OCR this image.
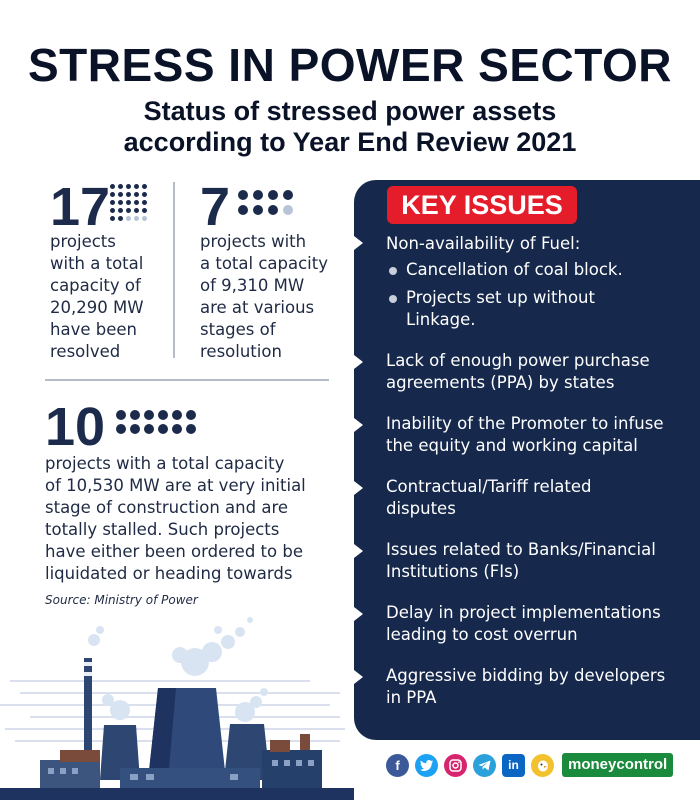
STRESS IN POWER SECTOR
Status of stressed power assets
according to Year End Review 2021
17
projects
with a total
capacity of
20,290 MW
have been
resolved
7
projects with
a total capacity
of 9,310 MW
are at various
stages of
resolution
10
projects with a total capacity
of 10,530 MW are at very initial
stage of construction and are
totally stalled. Such projects
have either been ordered to be
liquidated or heading towards
Source: Ministry of Power
KEY ISSUES
Non-availability of Fuel:
Cancellation of coal block.
Projects set up without
Linkage.
Lack of enough power purchase
agreements (PPA) by states
Inability of the Promoter to infuse
the equity and working capital
Contractual/Tariff related
disputes
Issues related to Banks/Financial
Institutions (FIs)
Delay in project implementations
leading to cost overrun
Aggressive bidding by developers
in PPA
f	in	moneycontrol
